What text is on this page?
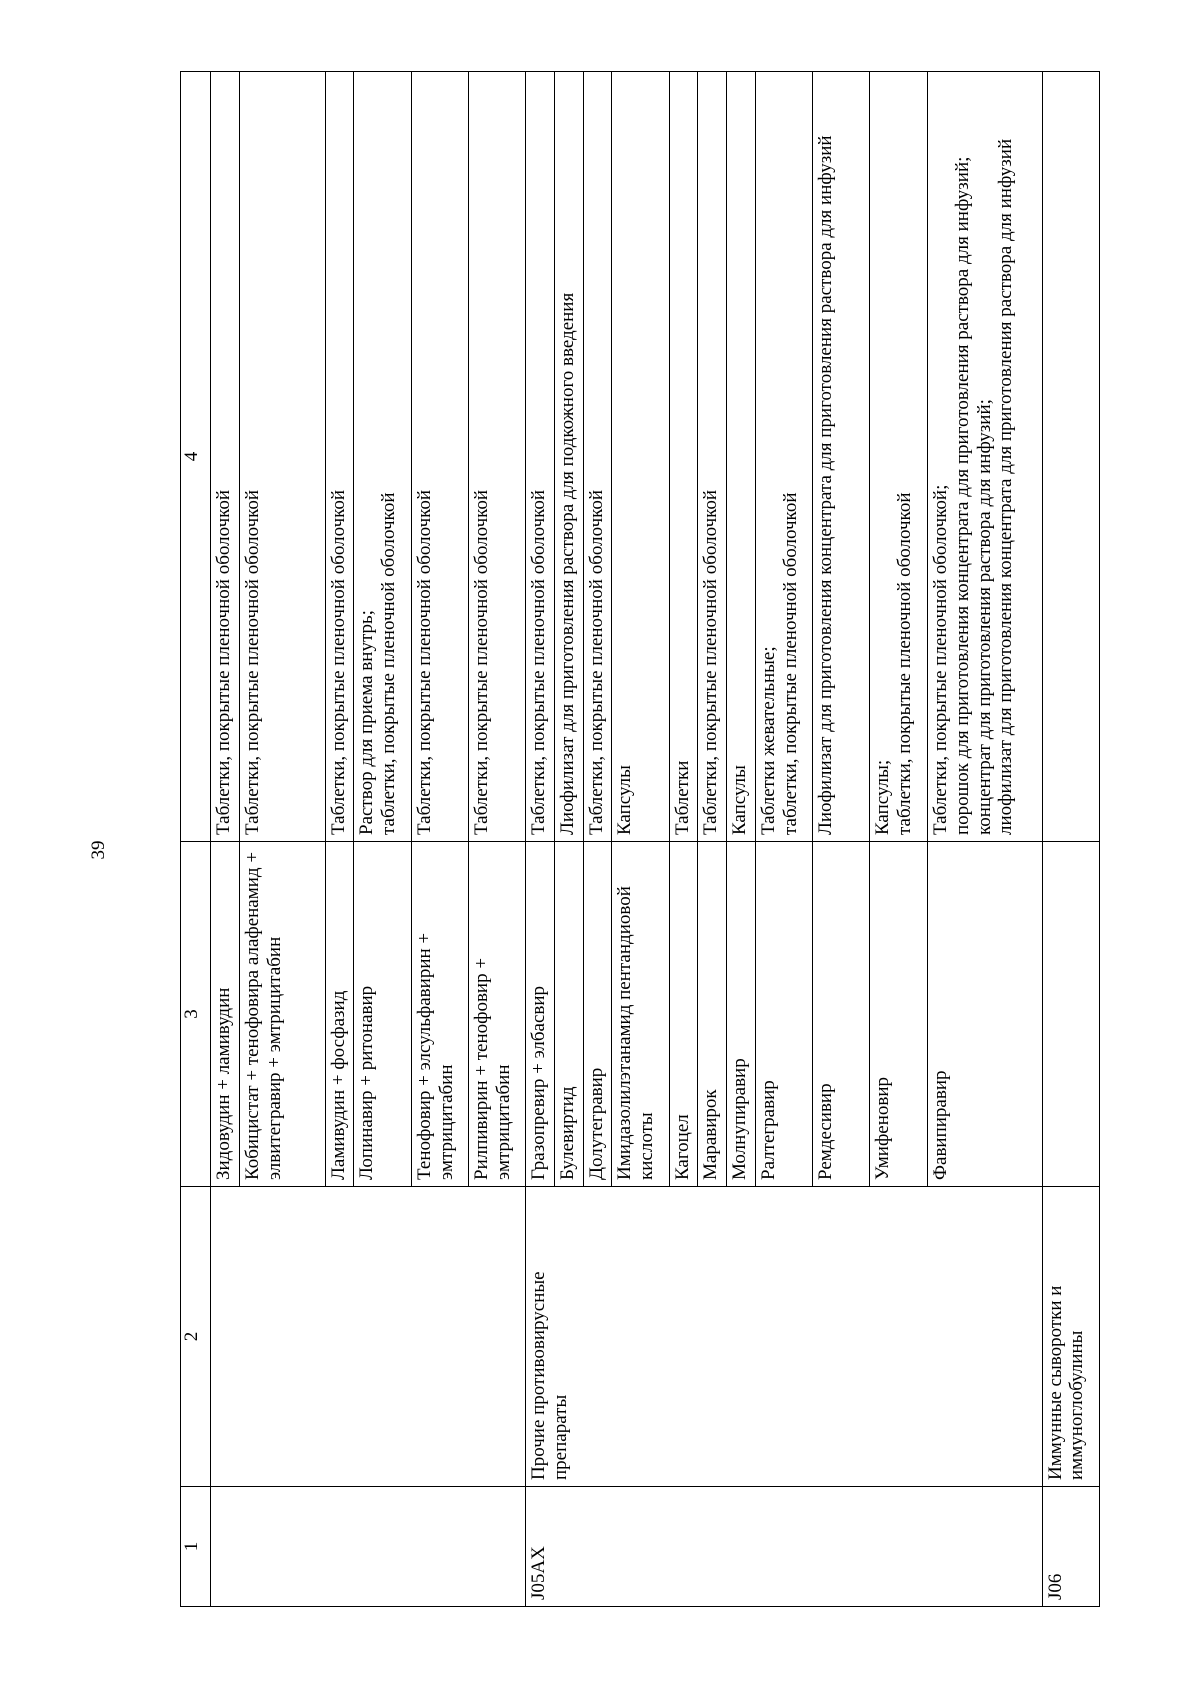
39
1	2	3	4
		Зидовудин + ламивудин	Таблетки, покрытые пленочной оболочкой

		Кобицистат + тенофовира алафенамид + элвитегравир + эмтрицитабин	Таблетки, покрытые пленочной оболочкой

		Ламивудин + фосфазид	Таблетки, покрытые пленочной оболочкой

		Лопинавир + ритонавир	Раствор для приема внутрь; таблетки, покрытые пленочной оболочкой

		Тенофовир + элсульфавирин + эмтрицитабин	Таблетки, покрытые пленочной оболочкой

		Рилпивирин + тенофовир + эмтрицитабин	Таблетки, покрытые пленочной оболочкой

J05AX	Прочие противовирусные препараты	Гразопревир + элбасвир	Таблетки, покрытые пленочной оболочкой

		Булевиртид	Лиофилизат для приготовления раствора для подкожного введения

		Долутегравир	Таблетки, покрытые пленочной оболочкой

		Имидазолилэтанамид пентандиовой кислоты	Капсулы

		Кагоцел	Таблетки

		Маравирок	Таблетки, покрытые пленочной оболочкой

		Молнупиравир	Капсулы

		Ралтегравир	Таблетки жевательные; таблетки, покрытые пленочной оболочкой

		Ремдесивир	Лиофилизат для приготовления концентрата для приготовления раствора для инфузий

		Умифеновир	Капсулы; таблетки, покрытые пленочной оболочкой

		Фавипиравир	Таблетки, покрытые пленочной оболочкой; порошок для приготовления концентрата для приготовления раствора для инфузий; концентрат для приготовления раствора для инфузий; лиофилизат для приготовления концентрата для приготовления раствора для инфузий

J06	Иммунные сыворотки и иммуноглобулины		
